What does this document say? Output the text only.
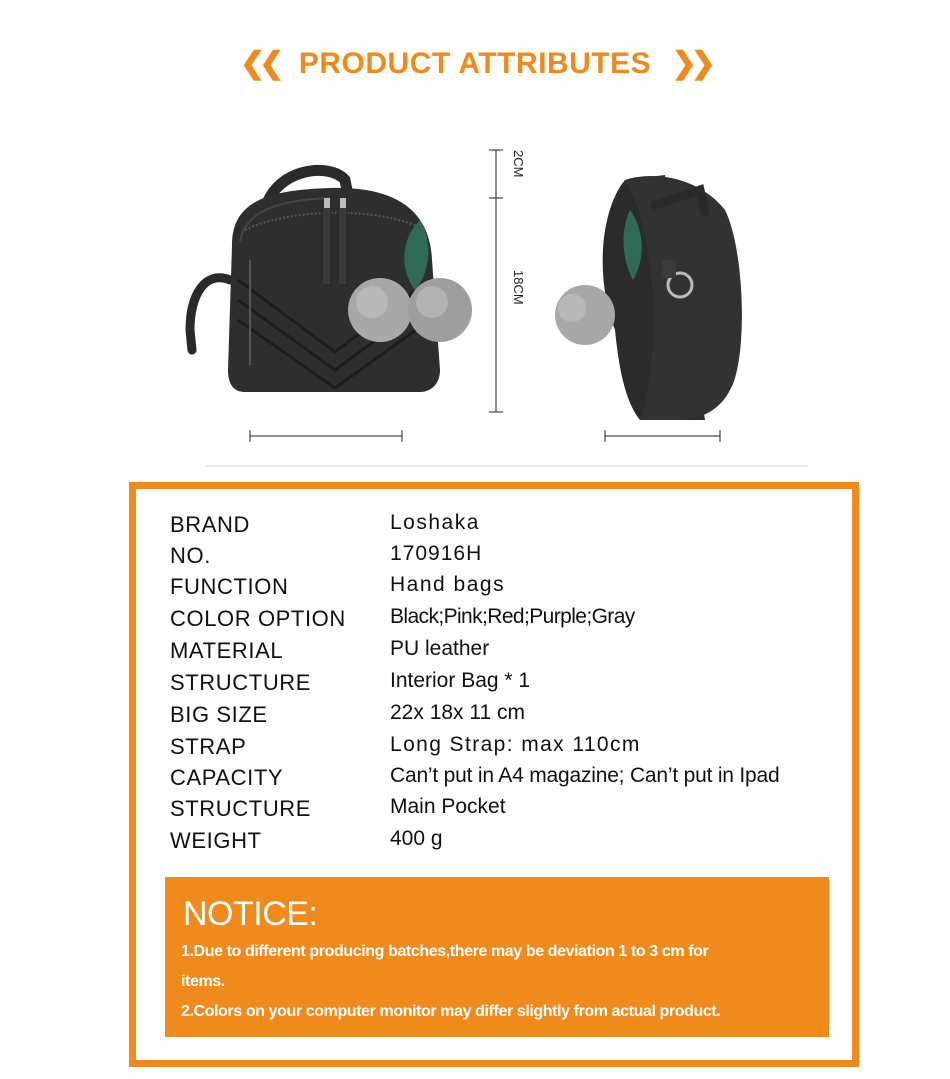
❮❮ PRODUCT ATTRIBUTES ❯❯
2CM
18CM
BRAND	Loshaka
NO.	170916H
FUNCTION	Hand bags
COLOR OPTION Black;Pink;Red;Purple;Gray
MATERIAL	PU leather
STRUCTURE	Interior Bag * 1
BIG SIZE	22x 18x 11 cm
STRAP	Long Strap: max 110cm
CAPACITY	Can’t put in A4 magazine; Can’t put in Ipad
STRUCTURE	Main Pocket
WEIGHT	400 g
NOTICE:
1.Due to different producing batches,there may be deviation 1 to 3 cm for
items.
2.Colors on your computer monitor may differ slightly from actual product.
